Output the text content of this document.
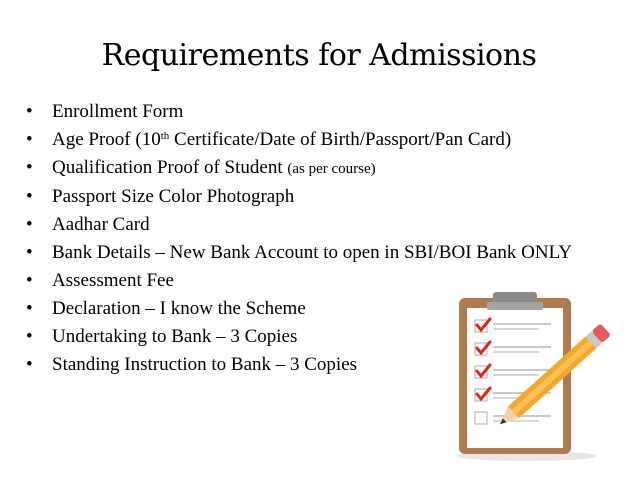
Requirements for Admissions
•	Enrollment Form
•	Age Proof (10th Certificate/Date of Birth/Passport/Pan Card)
•	Qualification Proof of Student (as per course)
•	Passport Size Color Photograph
•	Aadhar Card
•	Bank Details – New Bank Account to open in SBI/BOI Bank ONLY
•	Assessment Fee
•	Declaration – I know the Scheme
•	Undertaking to Bank – 3 Copies
•	Standing Instruction to Bank – 3 Copies
